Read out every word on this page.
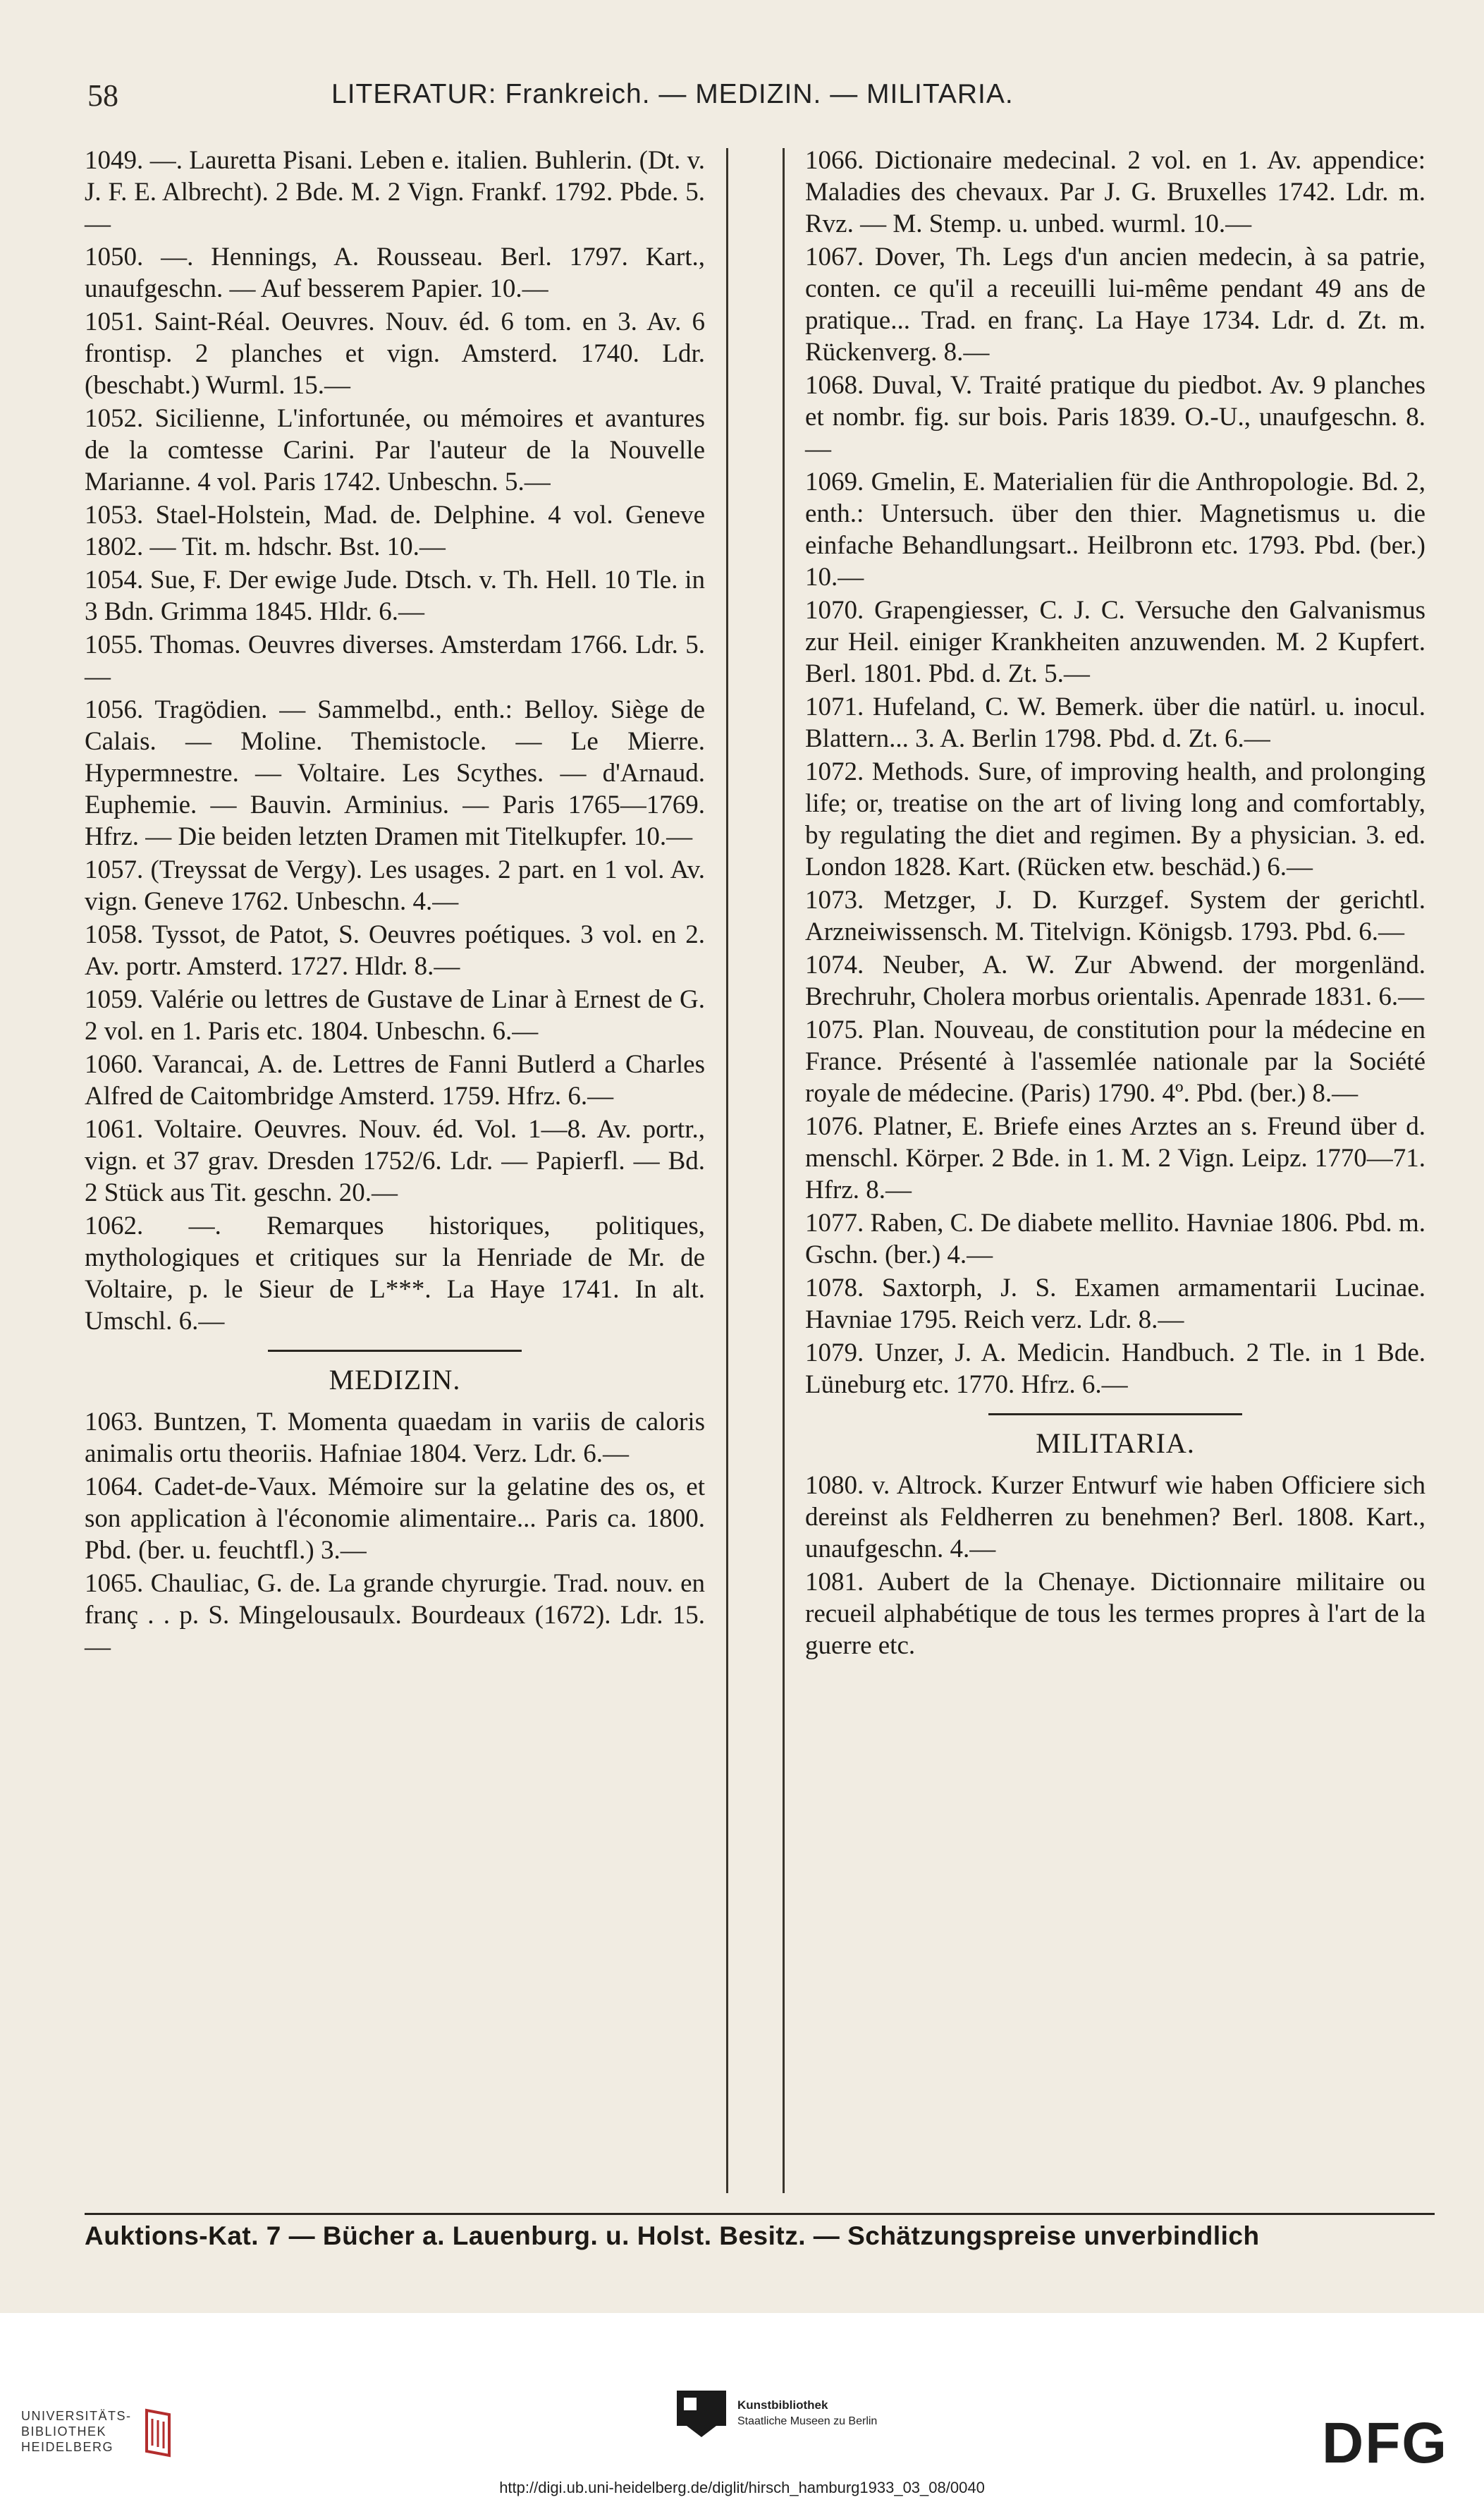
58	LITERATUR: Frankreich. — MEDIZIN. — MILITARIA.

1049. —. Lauretta Pisani. Leben e. italien. Buhlerin. (Dt. v. J. F. E. Albrecht). 2 Bde. M. 2 Vign. Frankf. 1792. Pbde. 5.—

1050. —. Hennings, A. Rousseau. Berl. 1797. Kart., unaufgeschn. — Auf besserem Papier. 10.—

1051. Saint-Réal. Oeuvres. Nouv. éd. 6 tom. en 3. Av. 6 frontisp. 2 planches et vign. Amsterd. 1740. Ldr. (beschabt.) Wurml. 15.—

1052. Sicilienne, L'infortunée, ou mémoires et avantures de la comtesse Carini. Par l'auteur de la Nouvelle Marianne. 4 vol. Paris 1742. Unbeschn. 5.—

1053. Stael-Holstein, Mad. de. Delphine. 4 vol. Geneve 1802. — Tit. m. hdschr. Bst. 10.—

1054. Sue, F. Der ewige Jude. Dtsch. v. Th. Hell. 10 Tle. in 3 Bdn. Grimma 1845. Hldr. 6.—

1055. Thomas. Oeuvres diverses. Amsterdam 1766. Ldr. 5.—

1056. Tragödien. — Sammelbd., enth.: Belloy. Siège de Calais. — Moline. Themistocle. — Le Mierre. Hypermnestre. — Voltaire. Les Scythes. — d'Arnaud. Euphemie. — Bauvin. Arminius. — Paris 1765—1769. Hfrz. — Die beiden letzten Dramen mit Titelkupfer. 10.—

1057. (Treyssat de Vergy). Les usages. 2 part. en 1 vol. Av. vign. Geneve 1762. Unbeschn. 4.—

1058. Tyssot, de Patot, S. Oeuvres poétiques. 3 vol. en 2. Av. portr. Amsterd. 1727. Hldr. 8.—

1059. Valérie ou lettres de Gustave de Linar à Ernest de G. 2 vol. en 1. Paris etc. 1804. Unbeschn. 6.—

1060. Varancai, A. de. Lettres de Fanni Butlerd a Charles Alfred de Caitombridge Amsterd. 1759. Hfrz. 6.—

1061. Voltaire. Oeuvres. Nouv. éd. Vol. 1—8. Av. portr., vign. et 37 grav. Dresden 1752/6. Ldr. — Papierfl. — Bd. 2 Stück aus Tit. geschn. 20.—

1062. —. Remarques historiques, politiques, mythologiques et critiques sur la Henriade de Mr. de Voltaire, p. le Sieur de L***. La Haye 1741. In alt. Umschl. 6.—

MEDIZIN.

1063. Buntzen, T. Momenta quaedam in variis de caloris animalis ortu theoriis. Hafniae 1804. Verz. Ldr. 6.—

1064. Cadet-de-Vaux. Mémoire sur la gelatine des os, et son application à l'économie alimentaire... Paris ca. 1800. Pbd. (ber. u. feuchtfl.) 3.—

1065. Chauliac, G. de. La grande chyrurgie. Trad. nouv. en franç . . p. S. Mingelousaulx. Bourdeaux (1672). Ldr. 15.—

1066. Dictionaire medecinal. 2 vol. en 1. Av. appendice: Maladies des chevaux. Par J. G. Bruxelles 1742. Ldr. m. Rvz. — M. Stemp. u. unbed. wurml. 10.—

1067. Dover, Th. Legs d'un ancien medecin, à sa patrie, conten. ce qu'il a receuilli lui-même pendant 49 ans de pratique... Trad. en franç. La Haye 1734. Ldr. d. Zt. m. Rückenverg. 8.—

1068. Duval, V. Traité pratique du piedbot. Av. 9 planches et nombr. fig. sur bois. Paris 1839. O.-U., unaufgeschn. 8.—

1069. Gmelin, E. Materialien für die Anthropologie. Bd. 2, enth.: Untersuch. über den thier. Magnetismus u. die einfache Behandlungsart.. Heilbronn etc. 1793. Pbd. (ber.) 10.—

1070. Grapengiesser, C. J. C. Versuche den Galvanismus zur Heil. einiger Krankheiten anzuwenden. M. 2 Kupfert. Berl. 1801. Pbd. d. Zt. 5.—

1071. Hufeland, C. W. Bemerk. über die natürl. u. inocul. Blattern... 3. A. Berlin 1798. Pbd. d. Zt. 6.—

1072. Methods. Sure, of improving health, and prolonging life; or, treatise on the art of living long and comfortably, by regulating the diet and regimen. By a physician. 3. ed. London 1828. Kart. (Rücken etw. beschäd.) 6.—

1073. Metzger, J. D. Kurzgef. System der gerichtl. Arzneiwissensch. M. Titelvign. Königsb. 1793. Pbd. 6.—

1074. Neuber, A. W. Zur Abwend. der morgenländ. Brechruhr, Cholera morbus orientalis. Apenrade 1831. 6.—

1075. Plan. Nouveau, de constitution pour la médecine en France. Présenté à l'assemlée nationale par la Société royale de médecine. (Paris) 1790. 4º. Pbd. (ber.) 8.—

1076. Platner, E. Briefe eines Arztes an s. Freund über d. menschl. Körper. 2 Bde. in 1. M. 2 Vign. Leipz. 1770—71. Hfrz. 8.—

1077. Raben, C. De diabete mellito. Havniae 1806. Pbd. m. Gschn. (ber.) 4.—

1078. Saxtorph, J. S. Examen armamentarii Lucinae. Havniae 1795. Reich verz. Ldr. 8.—

1079. Unzer, J. A. Medicin. Handbuch. 2 Tle. in 1 Bde. Lüneburg etc. 1770. Hfrz. 6.—

MILITARIA.

1080. v. Altrock. Kurzer Entwurf wie haben Officiere sich dereinst als Feldherren zu benehmen? Berl. 1808. Kart., unaufgeschn. 4.—

1081. Aubert de la Chenaye. Dictionnaire militaire ou recueil alphabétique de tous les termes propres à l'art de la guerre etc.

Auktions-Kat. 7 — Bücher a. Lauenburg. u. Holst. Besitz. — Schätzungspreise unverbindlich
UNIVERSITÄTS-
BIBLIOTHEK
HEIDELBERG
Kunstbibliothek
Staatliche Museen zu Berlin	DFG
http://digi.ub.uni-heidelberg.de/diglit/hirsch_hamburg1933_03_08/0040
